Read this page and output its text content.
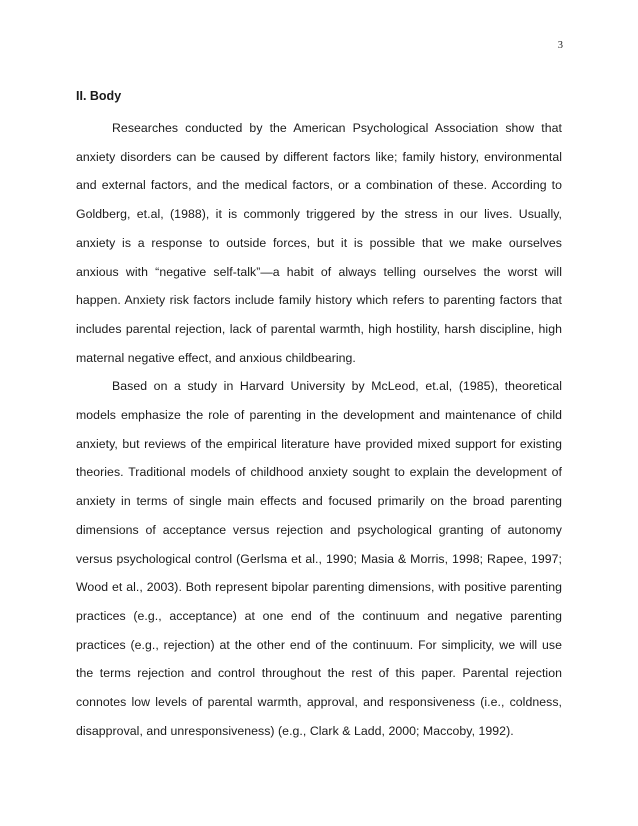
3
II. Body

Researches conducted by the American Psychological Association show that anxiety disorders can be caused by different factors like; family history, environmental and external factors, and the medical factors, or a combination of these. According to Goldberg, et.al, (1988), it is commonly triggered by the stress in our lives. Usually, anxiety is a response to outside forces, but it is possible that we make ourselves anxious with “negative self-talk”—a habit of always telling ourselves the worst will happen. Anxiety risk factors include family history which refers to parenting factors that includes parental rejection, lack of parental warmth, high hostility, harsh discipline, high maternal negative effect, and anxious childbearing.

Based on a study in Harvard University by McLeod, et.al, (1985), theoretical models emphasize the role of parenting in the development and maintenance of child anxiety, but reviews of the empirical literature have provided mixed support for existing theories. Traditional models of childhood anxiety sought to explain the development of anxiety in terms of single main effects and focused primarily on the broad parenting dimensions of acceptance versus rejection and psychological granting of autonomy versus psychological control (Gerlsma et al., 1990; Masia & Morris, 1998; Rapee, 1997; Wood et al., 2003). Both represent bipolar parenting dimensions, with positive parenting practices (e.g., acceptance) at one end of the continuum and negative parenting practices (e.g., rejection) at the other end of the continuum. For simplicity, we will use the terms rejection and control throughout the rest of this paper. Parental rejection connotes low levels of parental warmth, approval, and responsiveness (i.e., coldness, disapproval, and unresponsiveness) (e.g., Clark & Ladd, 2000; Maccoby, 1992).
